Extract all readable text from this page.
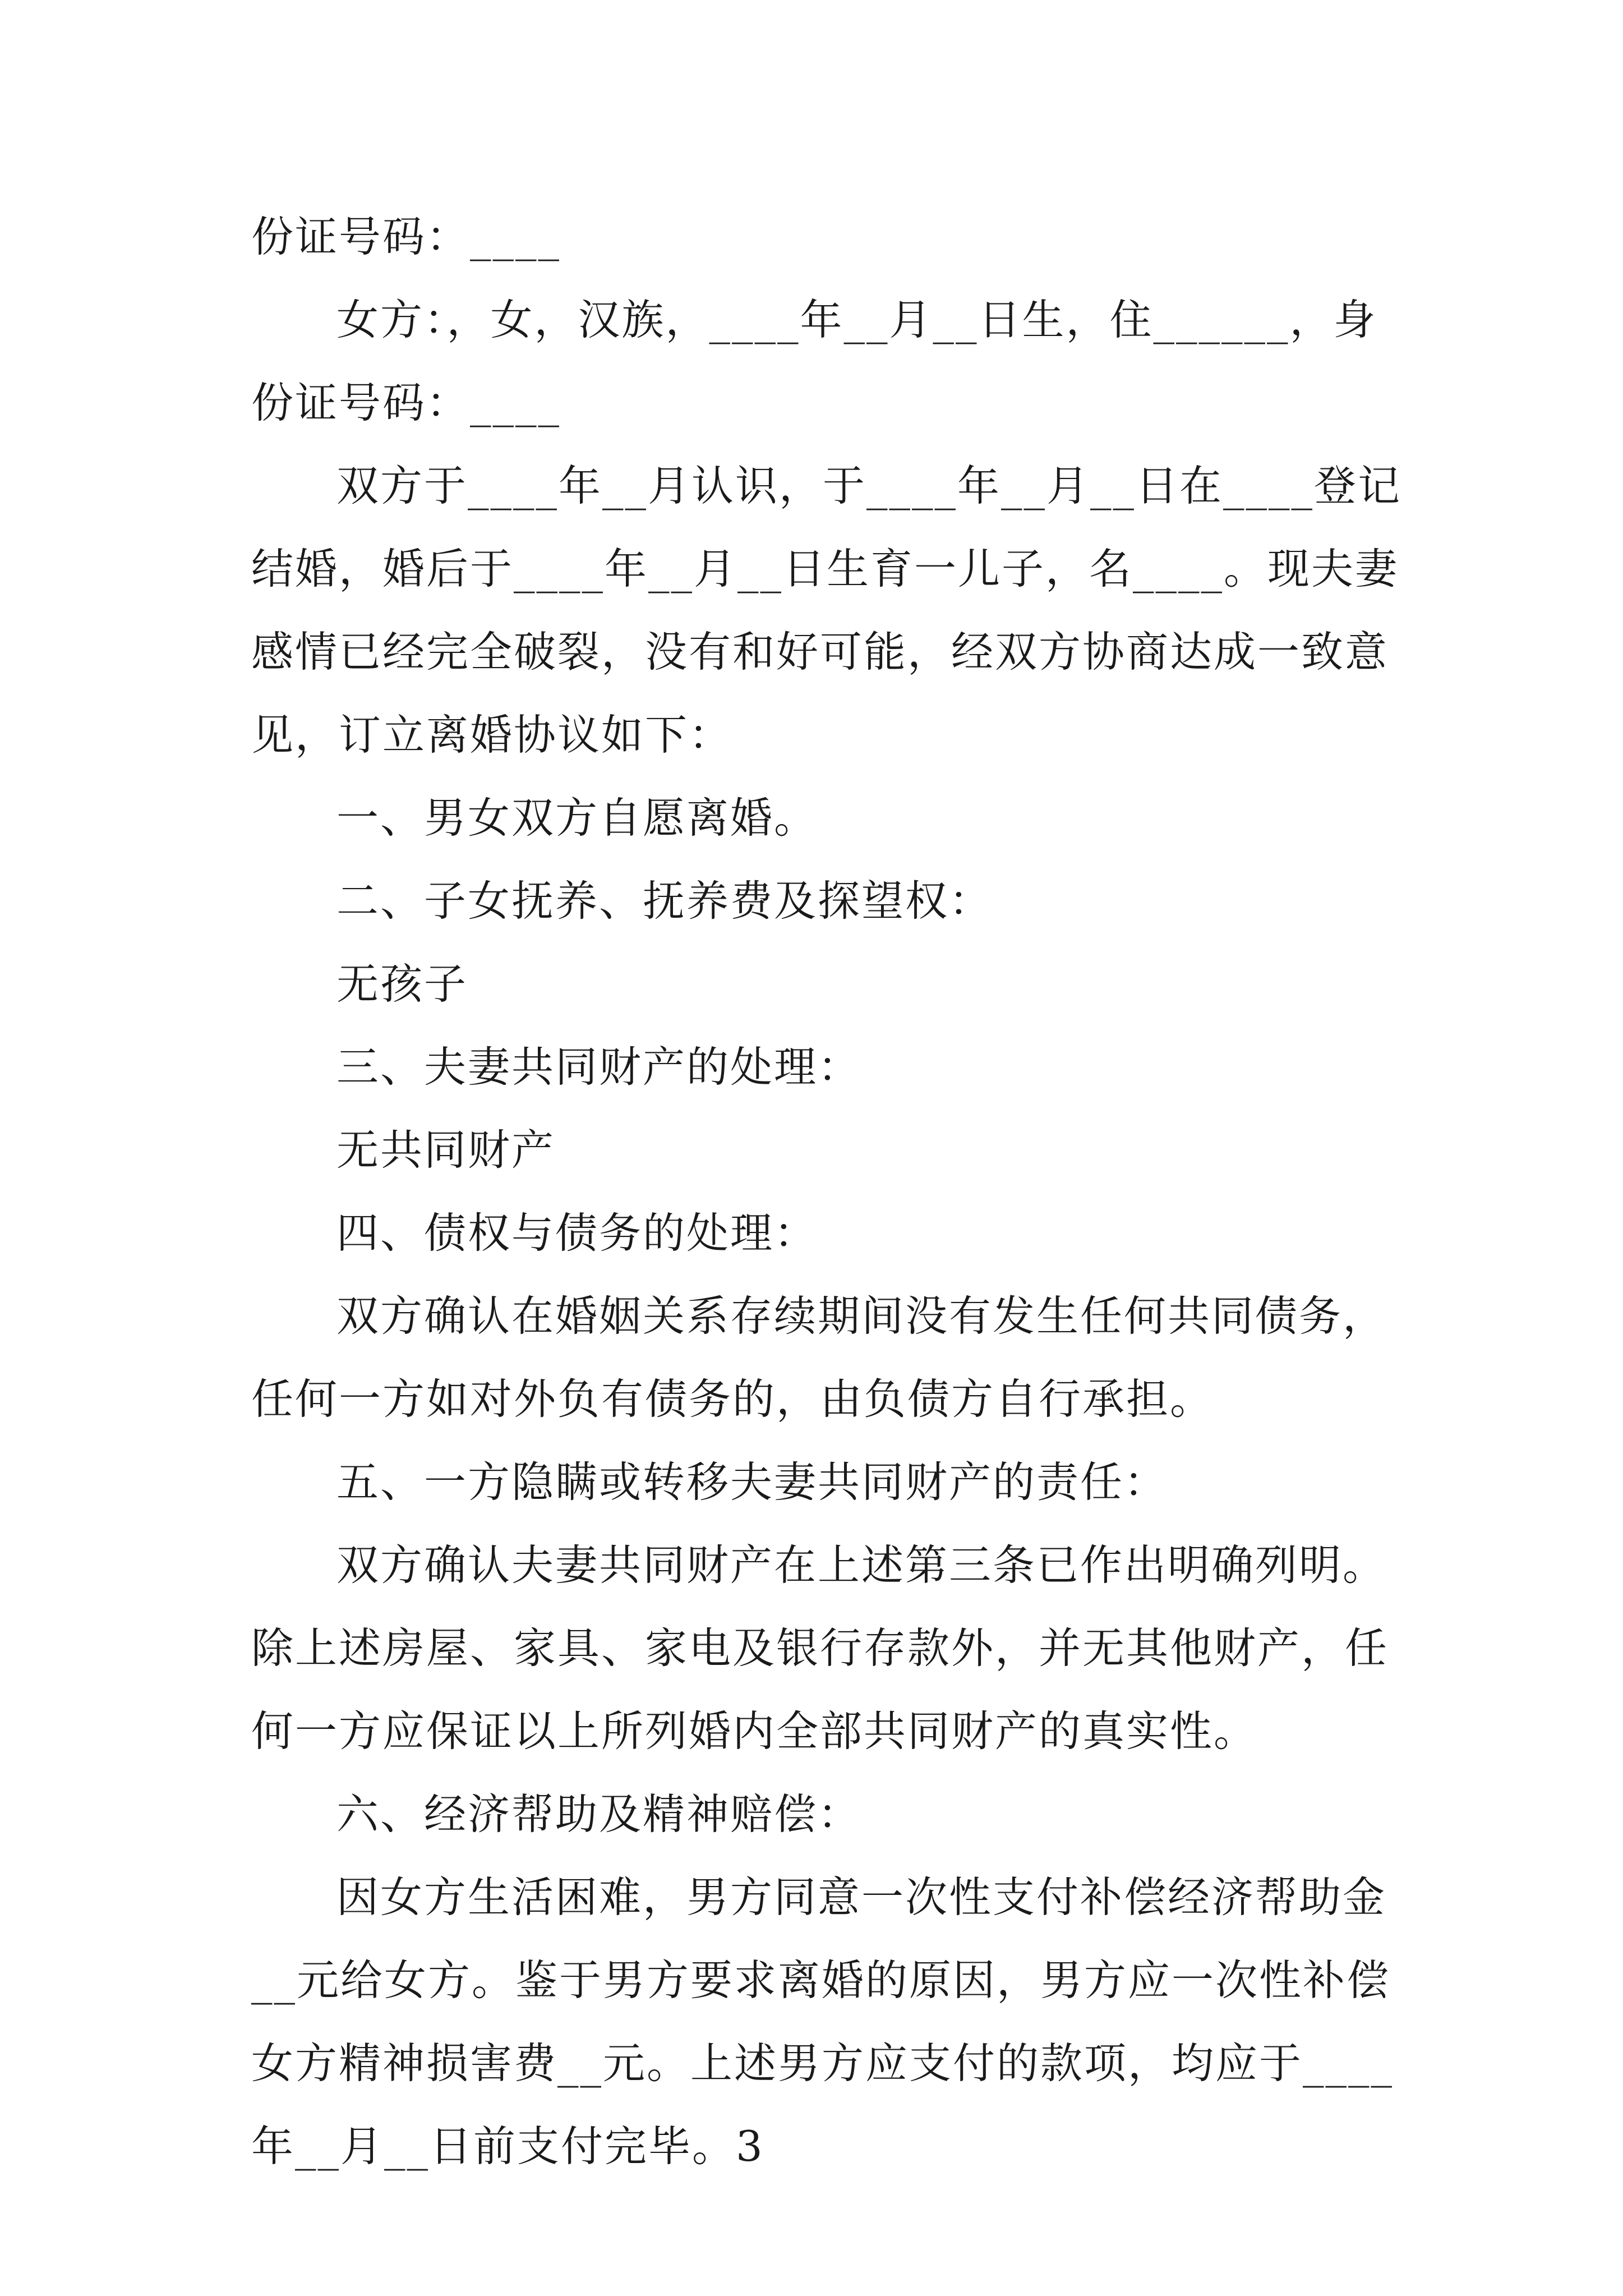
份证号码：____
女方：，女，汉族，____年__月__日生，住______，身
份证号码：____
双方于____年__月认识，于____年__月__日在____登记
结婚，婚后于____年__月__日生育一儿子，名____。现夫妻
感情已经完全破裂，没有和好可能，经双方协商达成一致意
见，订立离婚协议如下：
一、男女双方自愿离婚。
二、子女抚养、抚养费及探望权：
无孩子
三、夫妻共同财产的处理：
无共同财产
四、债权与债务的处理：
双方确认在婚姻关系存续期间没有发生任何共同债务，
任何一方如对外负有债务的，由负债方自行承担。
五、一方隐瞒或转移夫妻共同财产的责任：
双方确认夫妻共同财产在上述第三条已作出明确列明。
除上述房屋、家具、家电及银行存款外，并无其他财产，任
何一方应保证以上所列婚内全部共同财产的真实性。
六、经济帮助及精神赔偿：
因女方生活困难，男方同意一次性支付补偿经济帮助金
__元给女方。鉴于男方要求离婚的原因，男方应一次性补偿
女方精神损害费__元。上述男方应支付的款项，均应于____
年__月__日前支付完毕。3
